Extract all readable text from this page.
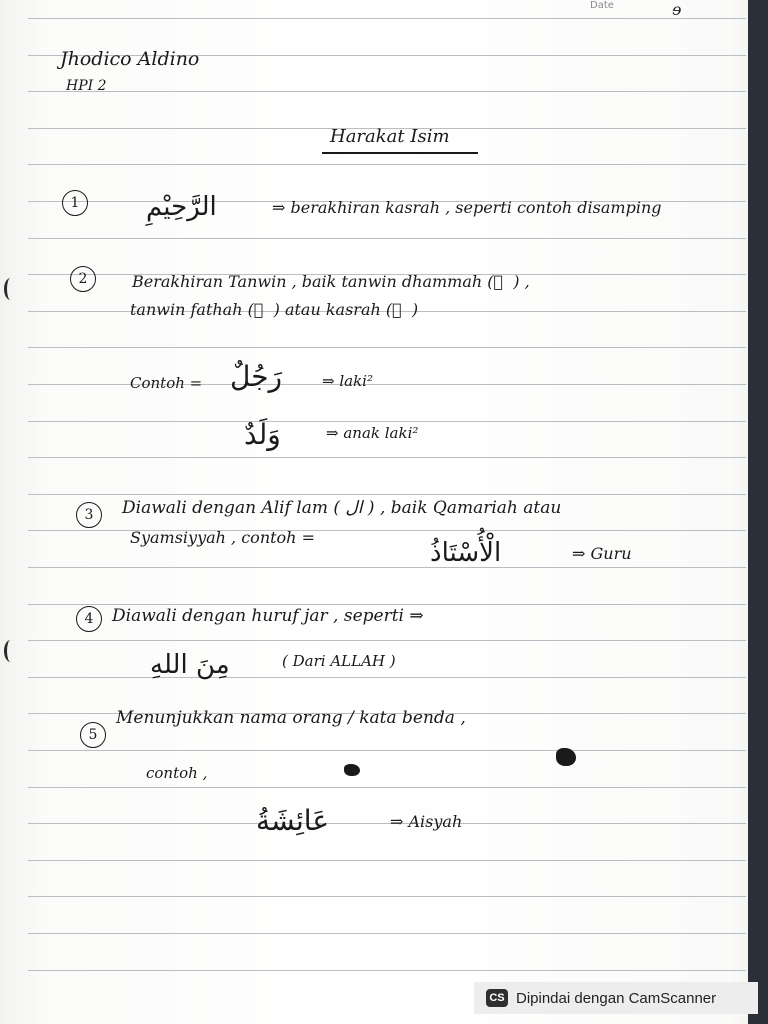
Date	ɘ
Jhodico Aldino
HPI 2
Harakat Isim
1	الرَّحِيْمِ	⇒ berakhiran kasrah , seperti contoh disamping
2	Berakhiran Tanwin , baik tanwin dhammah ( ً ) ,
tanwin fathah ( ً ) atau kasrah ( ٍ )
Contoh = رَجُلٌ	⇒ laki²
وَلَدٌ	⇒ anak laki²
3	Diawali dengan Alif lam ( ال ) , baik Qamariah atau
Syamsiyyah , contoh =
الْأُسْتَاذُ	⇒ Guru
4	Diawali dengan huruf jar , seperti ⇒
مِنَ اللهِ	( Dari ALLAH )
5
Menunjukkan nama orang / kata benda ,
contoh ,
عَائِشَةُ	⇒ Aisyah
CS Dipindai dengan CamScanner
